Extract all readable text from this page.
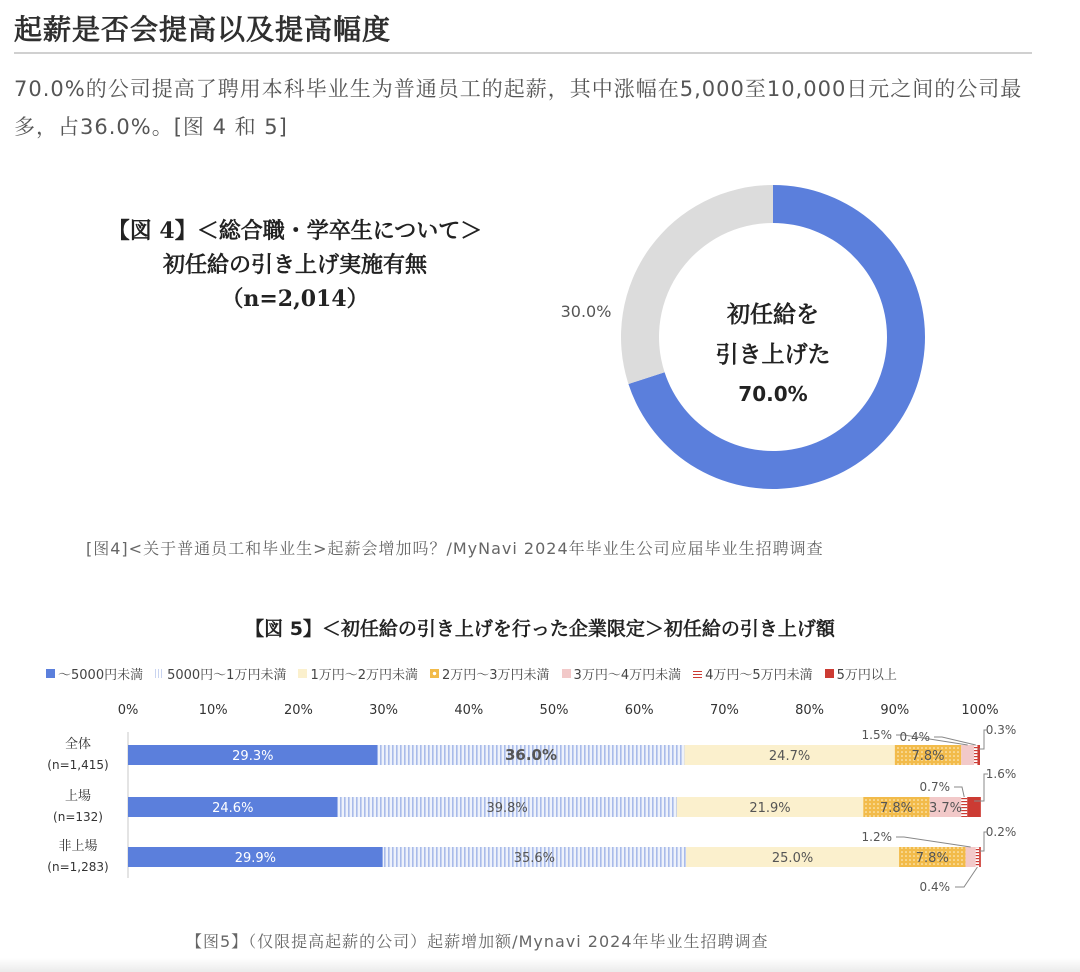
起薪是否会提高以及提高幅度
70.0%的公司提高了聘用本科毕业生为普通员工的起薪，其中涨幅在5,000至10,000日元之间的公司最多，占36.0%。[图 4 和 5]
【図 4】＜総合職・学卒生について＞
初任給の引き上げ実施有無
（n=2,014）	30.0%	初任給を
引き上げた
70.0%
[图4]<关于普通员工和毕业生>起薪会增加吗？/MyNavi 2024年毕业生公司应届毕业生招聘调查
【図 5】＜初任給の引き上げを行った企業限定＞初任給の引き上げ額
～5000円未満 5000円～1万円未満 1万円～2万円未満 2万円～3万円未満 3万円～4万円未満 4万円～5万円未満 5万円以上
0%	10%	20%	30%	40%	50%	60%	70%	80%	90%	100%
全体
(n=1,415)
29.3%	36.0%	24.7%	7.8%
1.5% 0.4%	0.3%
上場
(n=132)
24.6%	39.8%	21.9%	7.8% 3.7%
0.7%
1.6%
非上場
(n=1,283)
29.9%	35.6%	25.0%	7.8%
1.2%
0.4%
0.2%
【图5】（仅限提高起薪的公司）起薪增加额/Mynavi 2024年毕业生招聘调查
